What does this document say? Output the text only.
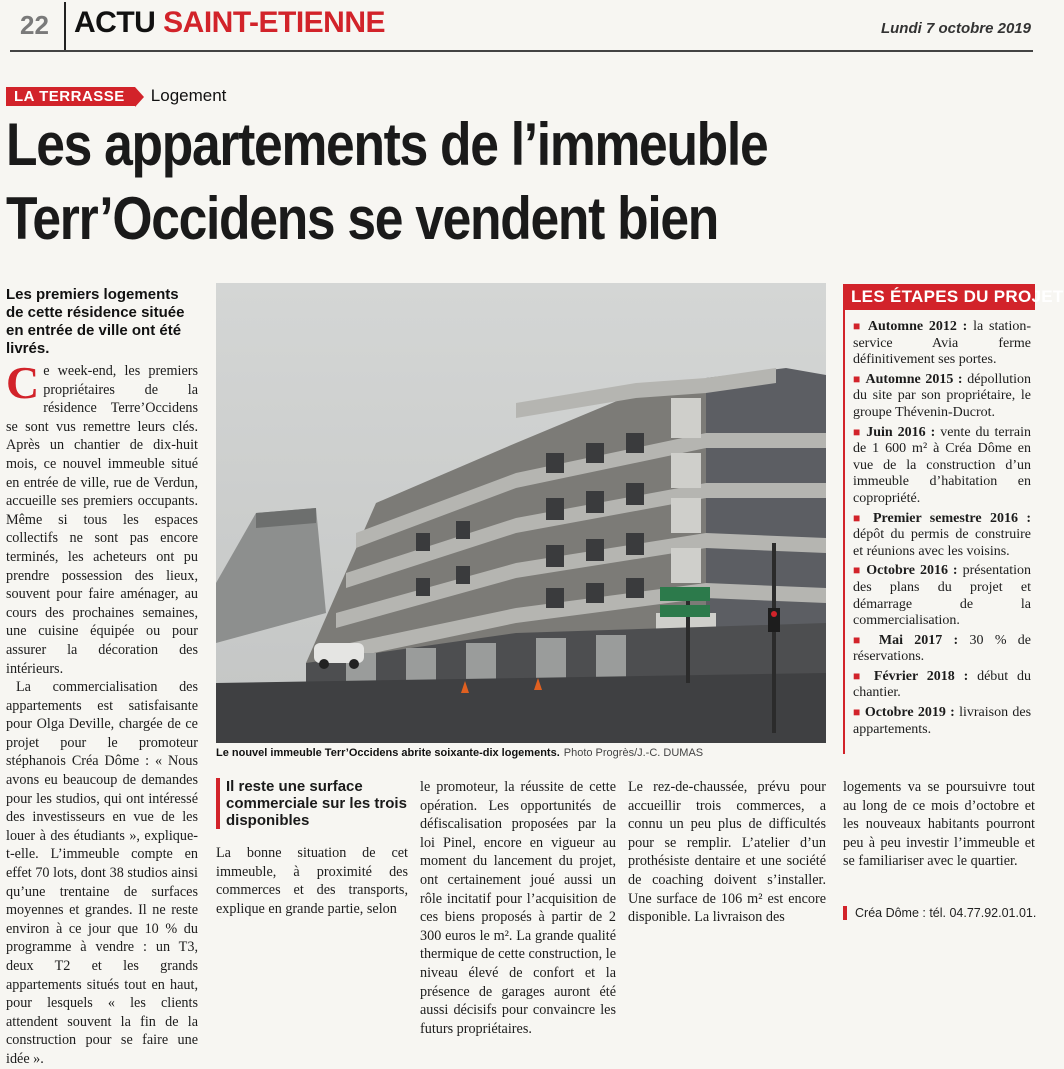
22 ACTU SAINT-ETIENNE	Lundi 7 octobre 2019
LA TERRASSE	Logement
Les appartements de l’immeuble
Terr’Occidens se vendent bien
Les premiers logements de cette résidence située en entrée de ville ont été livrés.

Ce week-end, les premiers propriétaires de la résidence Terre’Occidens se sont vus remettre leurs clés. Après un chantier de dix-huit mois, ce nouvel immeuble situé en entrée de ville, rue de Verdun, accueille ses premiers occupants. Même si tous les espaces collectifs ne sont pas encore terminés, les acheteurs ont pu prendre possession des lieux, souvent pour faire aménager, au cours des prochaines semaines, une cuisine équipée ou pour assurer la décoration des intérieurs.

La commercialisation des appartements est satisfaisante pour Olga Deville, chargée de ce projet pour le promoteur stéphanois Créa Dôme : « Nous avons eu beaucoup de demandes pour les studios, qui ont intéressé des investisseurs en vue de les louer à des étudiants », explique-t-elle. L’immeuble compte en effet 70 lots, dont 38 studios ainsi qu’une trentaine de surfaces moyennes et grandes. Il ne reste environ à ce jour que 10 % du programme à vendre : un T3, deux T2 et les grands appartements situés tout en haut, pour lesquels « les clients attendent souvent la fin de la construction pour se faire une idée ».

Le nouvel immeuble Terr’Occidens abrite soixante-dix logements. Photo Progrès/J.-C. DUMAS
LES ÉTAPES DU PROJET
■ Automne 2012 : la station-service Avia ferme définitivement ses portes.
■ Automne 2015 : dépollution du site par son propriétaire, le groupe Thévenin-Ducrot.
■ Juin 2016 : vente du terrain de 1 600 m² à Créa Dôme en vue de la construction d’un immeuble d’habitation en copropriété.
■ Premier semestre 2016 : dépôt du permis de construire et réunions avec les voisins.
■ Octobre 2016 : présentation des plans du projet et démarrage de la commercialisation.
■ Mai 2017 : 30 % de réservations.
■ Février 2018 : début du chantier.
■ Octobre 2019 : livraison des appartements.
Il reste une surface commerciale sur les trois disponibles

La bonne situation de cet immeuble, à proximité des commerces et des transports, explique en grande partie, selon

le promoteur, la réussite de cette opération. Les opportunités de défiscalisation proposées par la loi Pinel, encore en vigueur au moment du lancement du projet, ont certainement joué aussi un rôle incitatif pour l’acquisition de ces biens proposés à partir de 2 300 euros le m². La grande qualité thermique de cette construction, le niveau élevé de confort et la présence de garages auront été aussi décisifs pour convaincre les futurs propriétaires.

Le rez-de-chaussée, prévu pour accueillir trois commerces, a connu un peu plus de difficultés pour se remplir. L’atelier d’un prothésiste dentaire et une société de coaching doivent s’installer. Une surface de 106 m² est encore disponible. La livraison des

logements va se poursuivre tout au long de ce mois d’octobre et les nouveaux habitants pourront peu à peu investir l’immeuble et se familiariser avec le quartier.

Créa Dôme : tél. 04.77.92.01.01.
